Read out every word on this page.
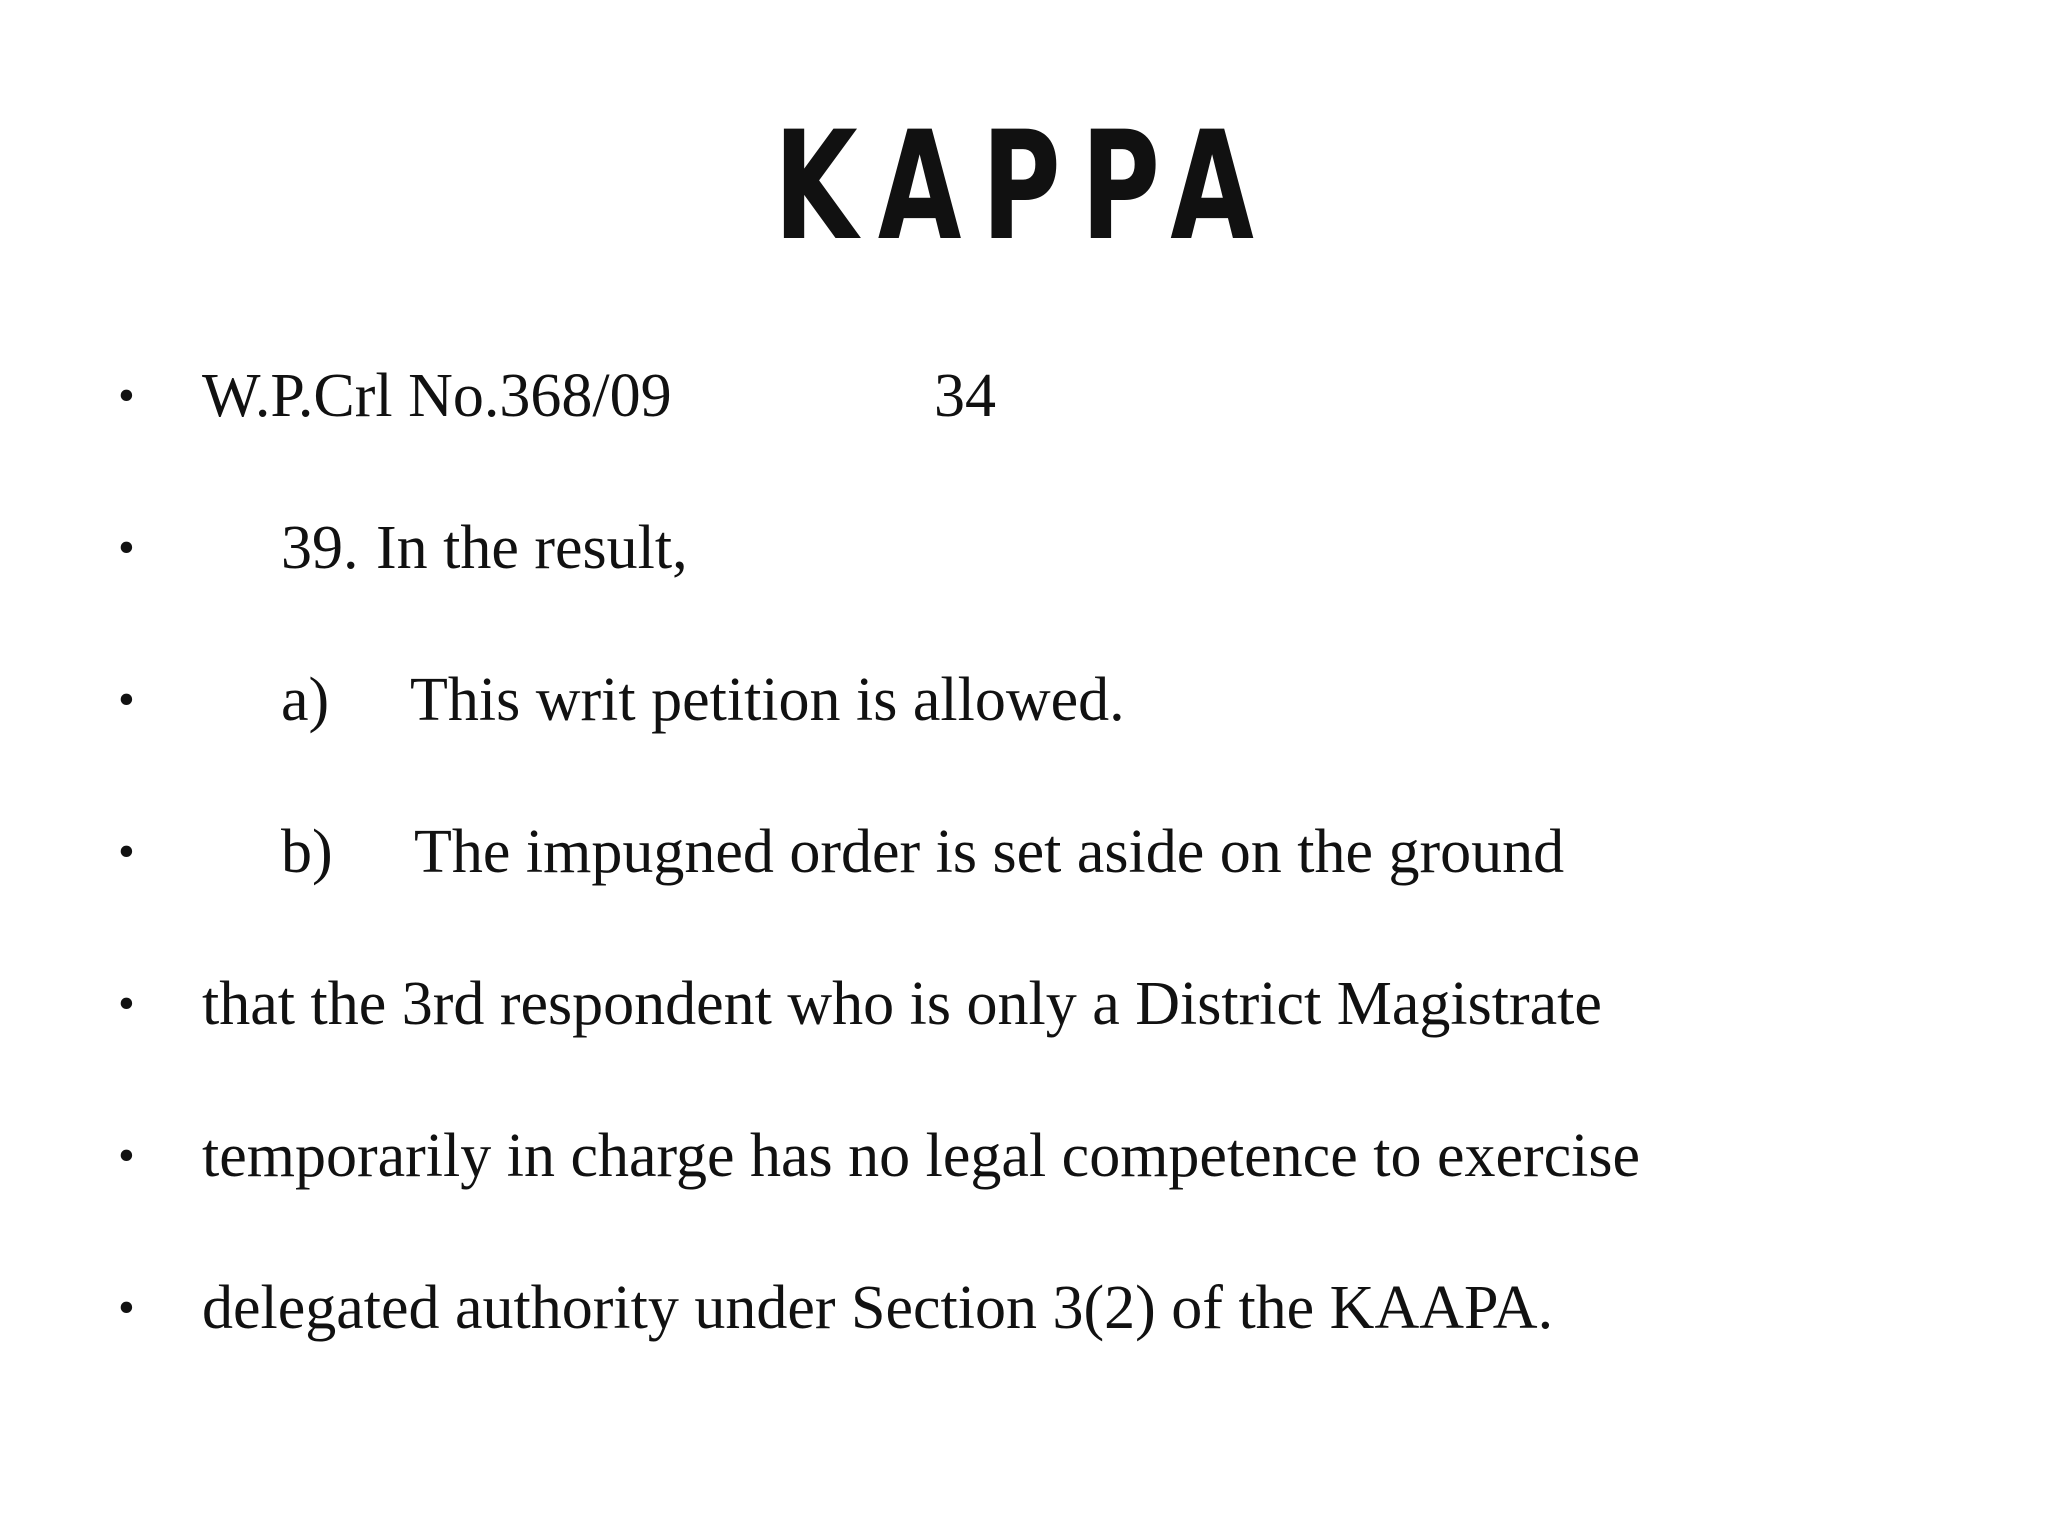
KAPPA
•	W.P.Crl No.368/09	34
•	39. In the result,
•	a) This writ petition is allowed.
•	b) The impugned order is set aside on the ground
•	that the 3rd respondent who is only a District Magistrate
•	temporarily in charge has no legal competence to exercise
•	delegated authority under Section 3(2) of the KAAPA.
